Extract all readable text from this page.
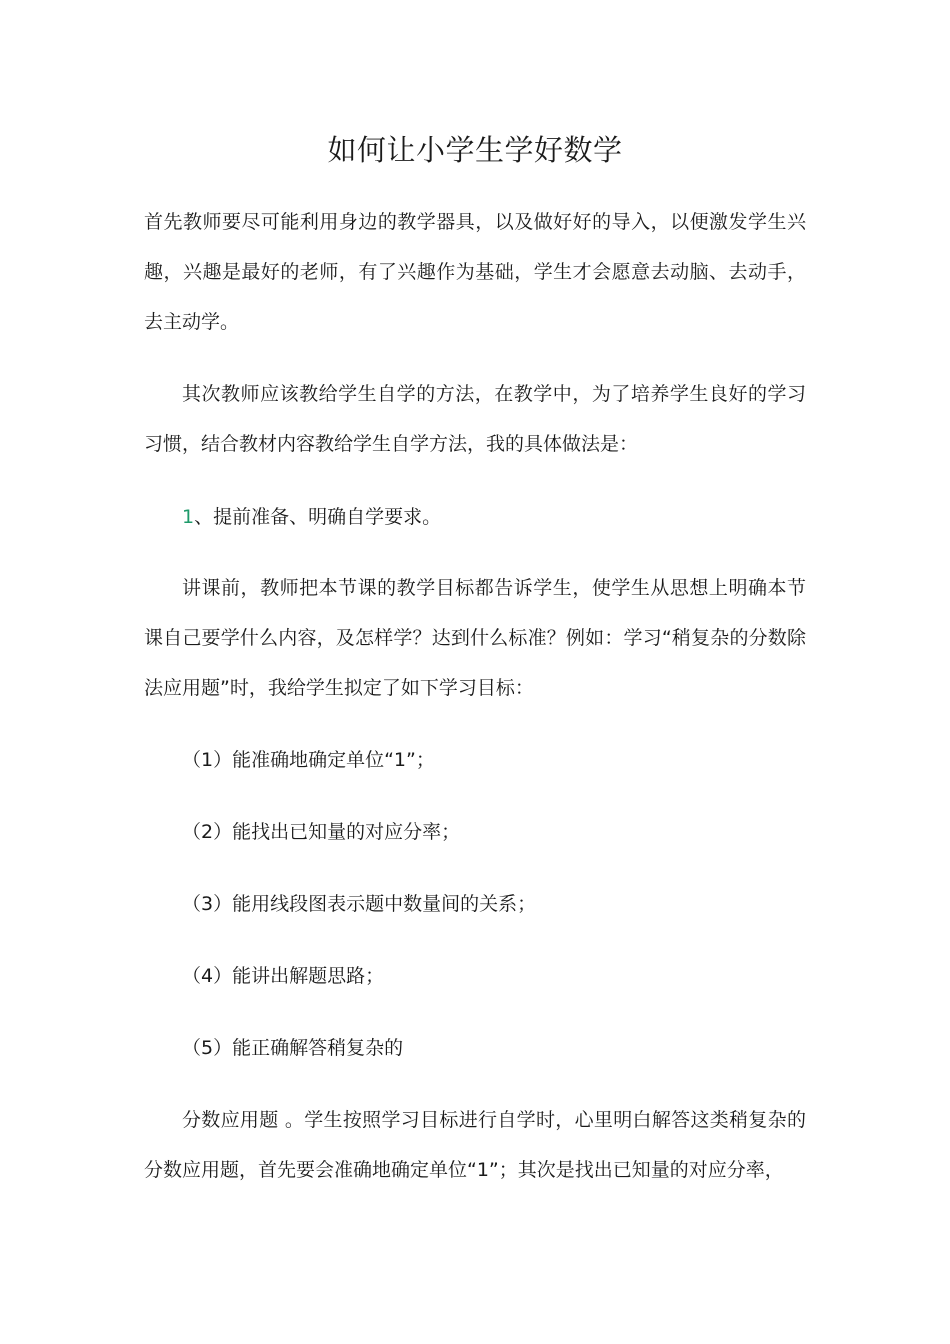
如何让小学生学好数学

首先教师要尽可能利用身边的教学器具，以及做好好的导入，以便激发学生兴趣，兴趣是最好的老师，有了兴趣作为基础，学生才会愿意去动脑、去动手，去主动学。

其次教师应该教给学生自学的方法，在教学中，为了培养学生良好的学习习惯，结合教材内容教给学生自学方法，我的具体做法是：

1、提前准备、明确自学要求。

讲课前，教师把本节课的教学目标都告诉学生，使学生从思想上明确本节课自己要学什么内容，及怎样学？达到什么标准？例如：学习“稍复杂的分数除法应用题”时，我给学生拟定了如下学习目标：

（1）能准确地确定单位“1”；
（2）能找出已知量的对应分率；
（3）能用线段图表示题中数量间的关系；
（4）能讲出解题思路；
（5）能正确解答稍复杂的

分数应用题 。学生按照学习目标进行自学时，心里明白解答这类稍复杂的分数应用题，首先要会准确地确定单位“1”；其次是找出已知量的对应分率，
